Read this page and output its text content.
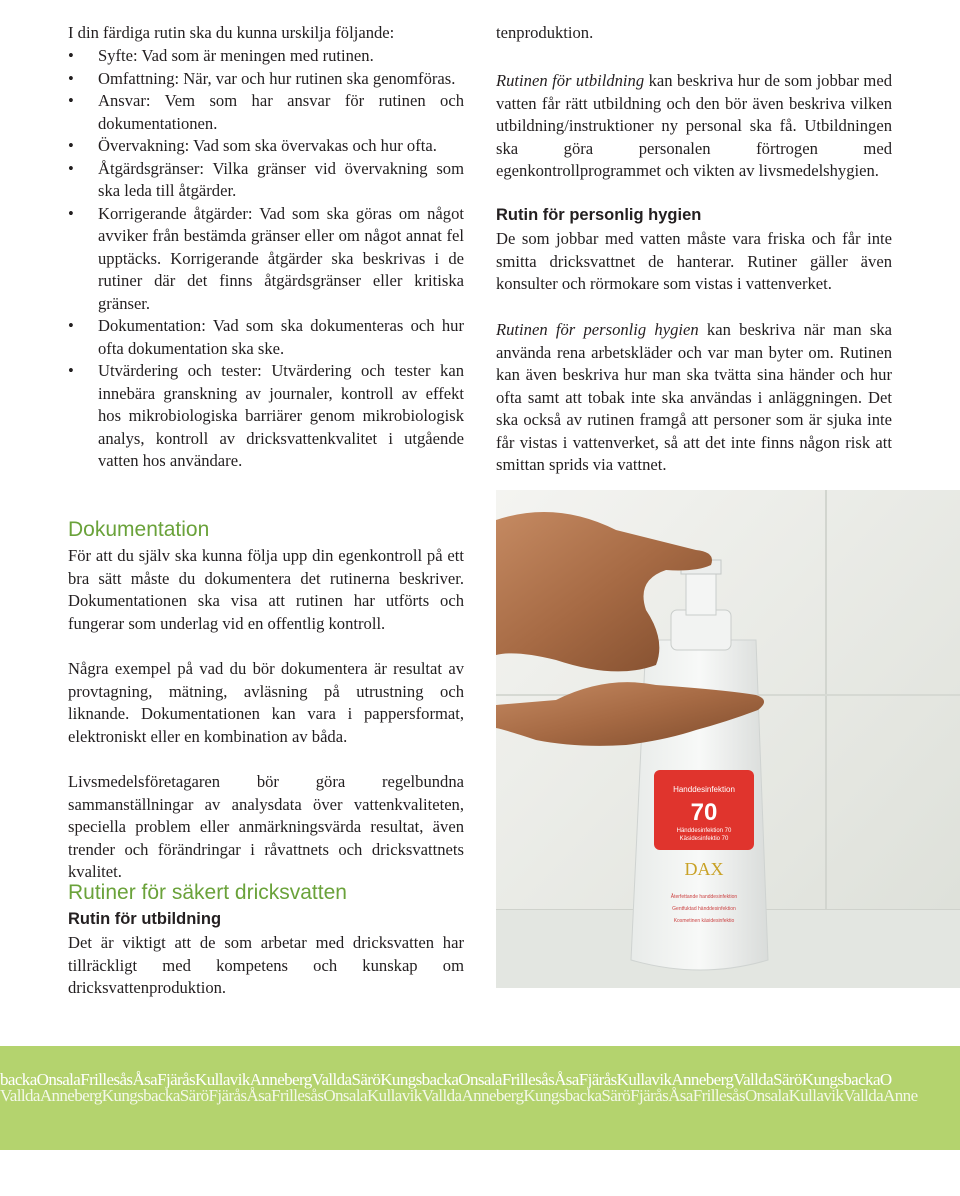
I din färdiga rutin ska du kunna urskilja följande:

• Syfte: Vad som är meningen med rutinen.
• Omfattning: När, var och hur rutinen ska genomföras.
• Ansvar: Vem som har ansvar för rutinen och dokumentationen.
• Övervakning: Vad som ska övervakas och hur ofta.
• Åtgärdsgränser: Vilka gränser vid övervakning som ska leda till åtgärder.
• Korrigerande åtgärder: Vad som ska göras om något avviker från bestämda gränser eller om något annat fel upptäcks. Korrigerande åtgärder ska beskrivas i de rutiner där det finns åtgärdsgränser eller kritiska gränser.
• Dokumentation: Vad som ska dokumenteras och hur ofta dokumentation ska ske.
• Utvärdering och tester: Utvärdering och tester kan innebära granskning av journaler, kontroll av effekt hos mikrobiologiska barriärer genom mikrobiologisk analys, kontroll av dricksvattenkvalitet i utgående vatten hos användare.
Dokumentation

För att du själv ska kunna följa upp din egenkontroll på ett bra sätt måste du dokumentera det rutinerna beskriver. Dokumentationen ska visa att rutinen har utförts och fungerar som underlag vid en offentlig kontroll.

Några exempel på vad du bör dokumentera är resultat av provtagning, mätning, avläsning på utrustning och liknande. Dokumentationen kan vara i pappersformat, elektroniskt eller en kombination av båda.

Livsmedelsföretagaren bör göra regelbundna sammanställningar av analysdata över vattenkvaliteten, speciella problem eller anmärkningsvärda resultat, även trender och förändringar i råvattnets och dricksvattnets kvalitet.

Rutiner för säkert dricksvatten
Rutin för utbildning

Det är viktigt att de som arbetar med dricksvatten har tillräckligt med kompetens och kunskap om dricksvattenproduktion.

tenproduktion.

Rutinen för utbildning kan beskriva hur de som jobbar med vatten får rätt utbildning och den bör även beskriva vilken utbildning/instruktioner ny personal ska få. Utbildningen ska göra personalen förtrogen med egenkontrollprogrammet och vikten av livsmedelshygien.

Rutin för personlig hygien

De som jobbar med vatten måste vara friska och får inte smitta dricksvattnet de hanterar. Rutiner gäller även konsulter och rörmokare som vistas i vattenverket.

Rutinen för personlig hygien kan beskriva när man ska använda rena arbetskläder och var man byter om. Rutinen kan även beskriva hur man ska tvätta sina händer och hur ofta samt att tobak inte ska användas i anläggningen. Det ska också av rutinen framgå att personer som är sjuka inte får vistas i vattenverket, så att det inte finns någon risk att smittan sprids via vattnet.

Handdesinfektion
70
Händdesinfektion 70
Käsidesinfektio 70
DAX
Återfettande handdesinfektion
Gentfuktad händdesinfektion
Kosmetinen käsidesinfektio
backaOnsalaFrillesåsÅsaFjäråsKullavikAnnebergValldaSäröKungsbackaOnsalaFrillesåsÅsaFjäråsKullavikAnnebergValldaSäröKungsbackaO
ValldaAnnebergKungsbackaSäröFjäråsÅsaFrillesåsOnsalaKullavikValldaAnnebergKungsbackaSäröFjäråsÅsaFrillesåsOnsalaKullavikValldaAnne
